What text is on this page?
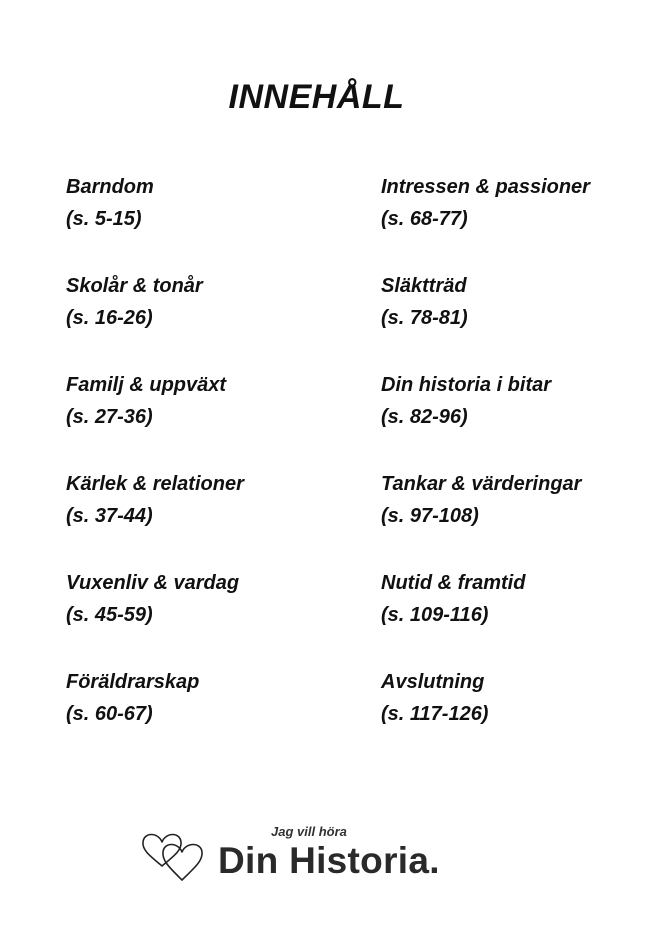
INNEHÅLL
Barndom
(s. 5-15)
Skolår & tonår
(s. 16-26)
Familj & uppväxt
(s. 27-36)
Kärlek & relationer
(s. 37-44)
Vuxenliv & vardag
(s. 45-59)
Föräldrarskap
(s. 60-67)
Intressen & passioner
(s. 68-77)
Släktträd
(s. 78-81)
Din historia i bitar
(s. 82-96)
Tankar & värderingar
(s. 97-108)
Nutid & framtid
(s. 109-116)
Avslutning
(s. 117-126)
Jag vill höra
Din Historia.
